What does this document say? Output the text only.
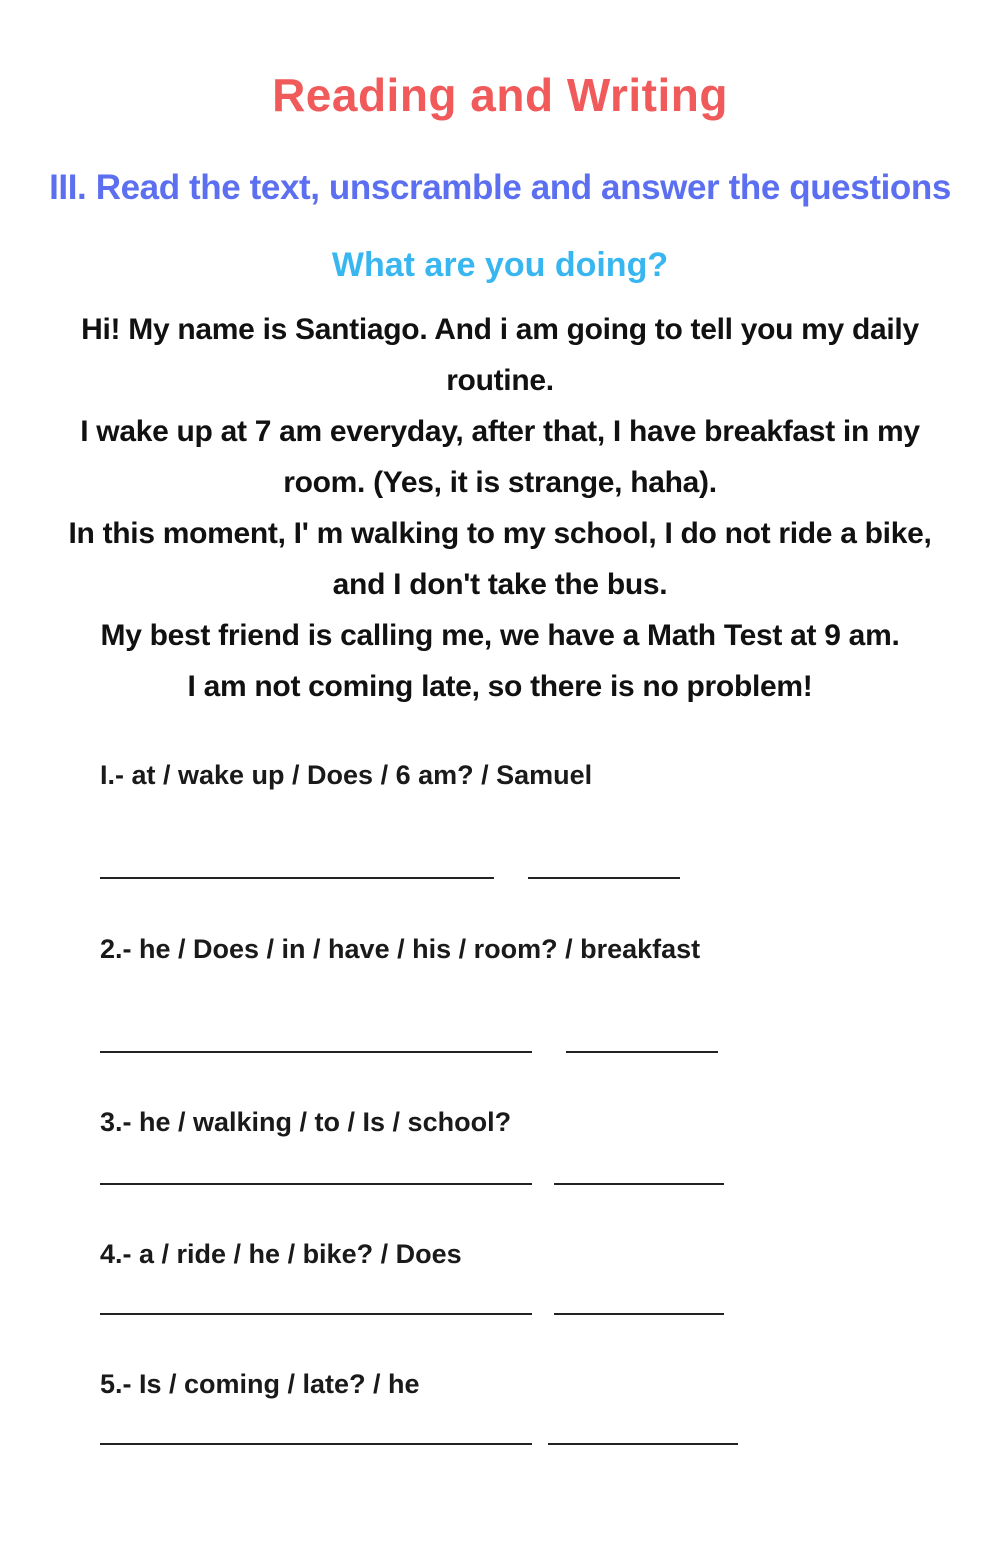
Reading and Writing
III. Read the text, unscramble and answer the questions
What are you doing?
Hi! My name is Santiago. And i am going to tell you my daily
routine.
I wake up at 7 am everyday, after that, I have breakfast in my
room. (Yes, it is strange, haha).
In this moment, I' m walking to my school, I do not ride a bike,
and I don't take the bus.
My best friend is calling me, we have a Math Test at 9 am.
I am not coming late, so there is no problem!
I.- at / wake up / Does / 6 am? / Samuel
2.- he / Does / in / have / his / room? / breakfast
3.- he / walking / to / Is / school?
4.- a / ride / he / bike? / Does
5.- Is / coming / late? / he
